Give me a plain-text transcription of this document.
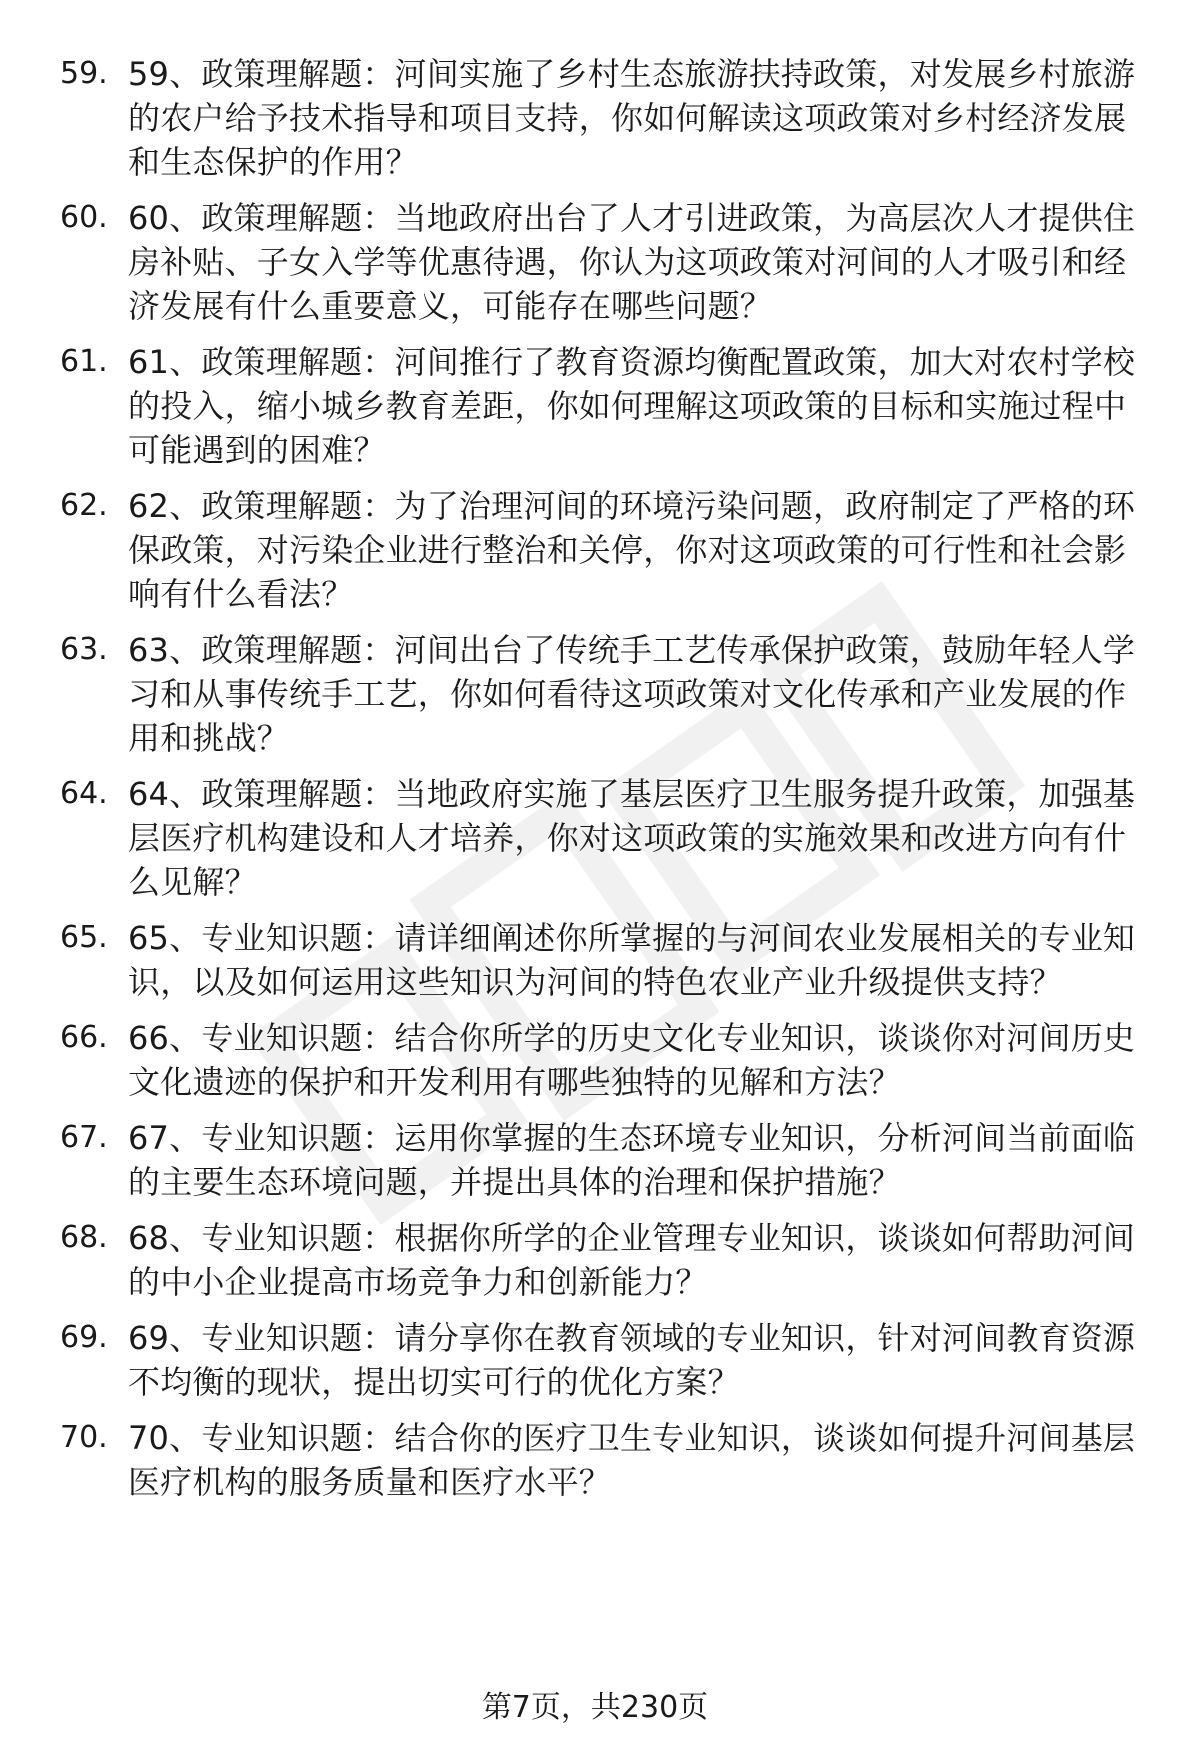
59. 59、政策理解题：河间实施了乡村生态旅游扶持政策，对发展乡村旅游的农户给予技术指导和项目支持，你如何解读这项政策对乡村经济发展和生态保护的作用？
60. 60、政策理解题：当地政府出台了人才引进政策，为高层次人才提供住房补贴、子女入学等优惠待遇，你认为这项政策对河间的人才吸引和经济发展有什么重要意义，可能存在哪些问题？
61. 61、政策理解题：河间推行了教育资源均衡配置政策，加大对农村学校的投入，缩小城乡教育差距，你如何理解这项政策的目标和实施过程中可能遇到的困难？
62. 62、政策理解题：为了治理河间的环境污染问题，政府制定了严格的环保政策，对污染企业进行整治和关停，你对这项政策的可行性和社会影响有什么看法？
63. 63、政策理解题：河间出台了传统手工艺传承保护政策，鼓励年轻人学习和从事传统手工艺，你如何看待这项政策对文化传承和产业发展的作用和挑战？
64. 64、政策理解题：当地政府实施了基层医疗卫生服务提升政策，加强基层医疗机构建设和人才培养，你对这项政策的实施效果和改进方向有什么见解？
65. 65、专业知识题：请详细阐述你所掌握的与河间农业发展相关的专业知识，以及如何运用这些知识为河间的特色农业产业升级提供支持？
66. 66、专业知识题：结合你所学的历史文化专业知识，谈谈你对河间历史文化遗迹的保护和开发利用有哪些独特的见解和方法？
67. 67、专业知识题：运用你掌握的生态环境专业知识，分析河间当前面临的主要生态环境问题，并提出具体的治理和保护措施？
68. 68、专业知识题：根据你所学的企业管理专业知识，谈谈如何帮助河间的中小企业提高市场竞争力和创新能力？
69. 69、专业知识题：请分享你在教育领域的专业知识，针对河间教育资源不均衡的现状，提出切实可行的优化方案？
70. 70、专业知识题：结合你的医疗卫生专业知识，谈谈如何提升河间基层医疗机构的服务质量和医疗水平？
第7页，共230页
